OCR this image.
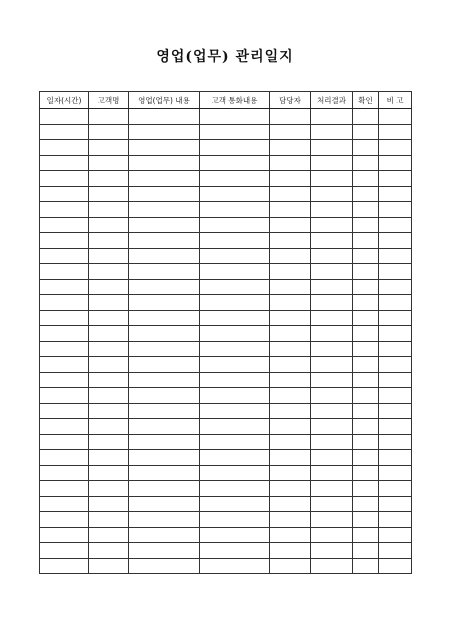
영업(업무) 관리일지
일자(시간)	고객명	영업(업무) 내용	고객 통화내용	담당자	처리결과	확인	비 고
